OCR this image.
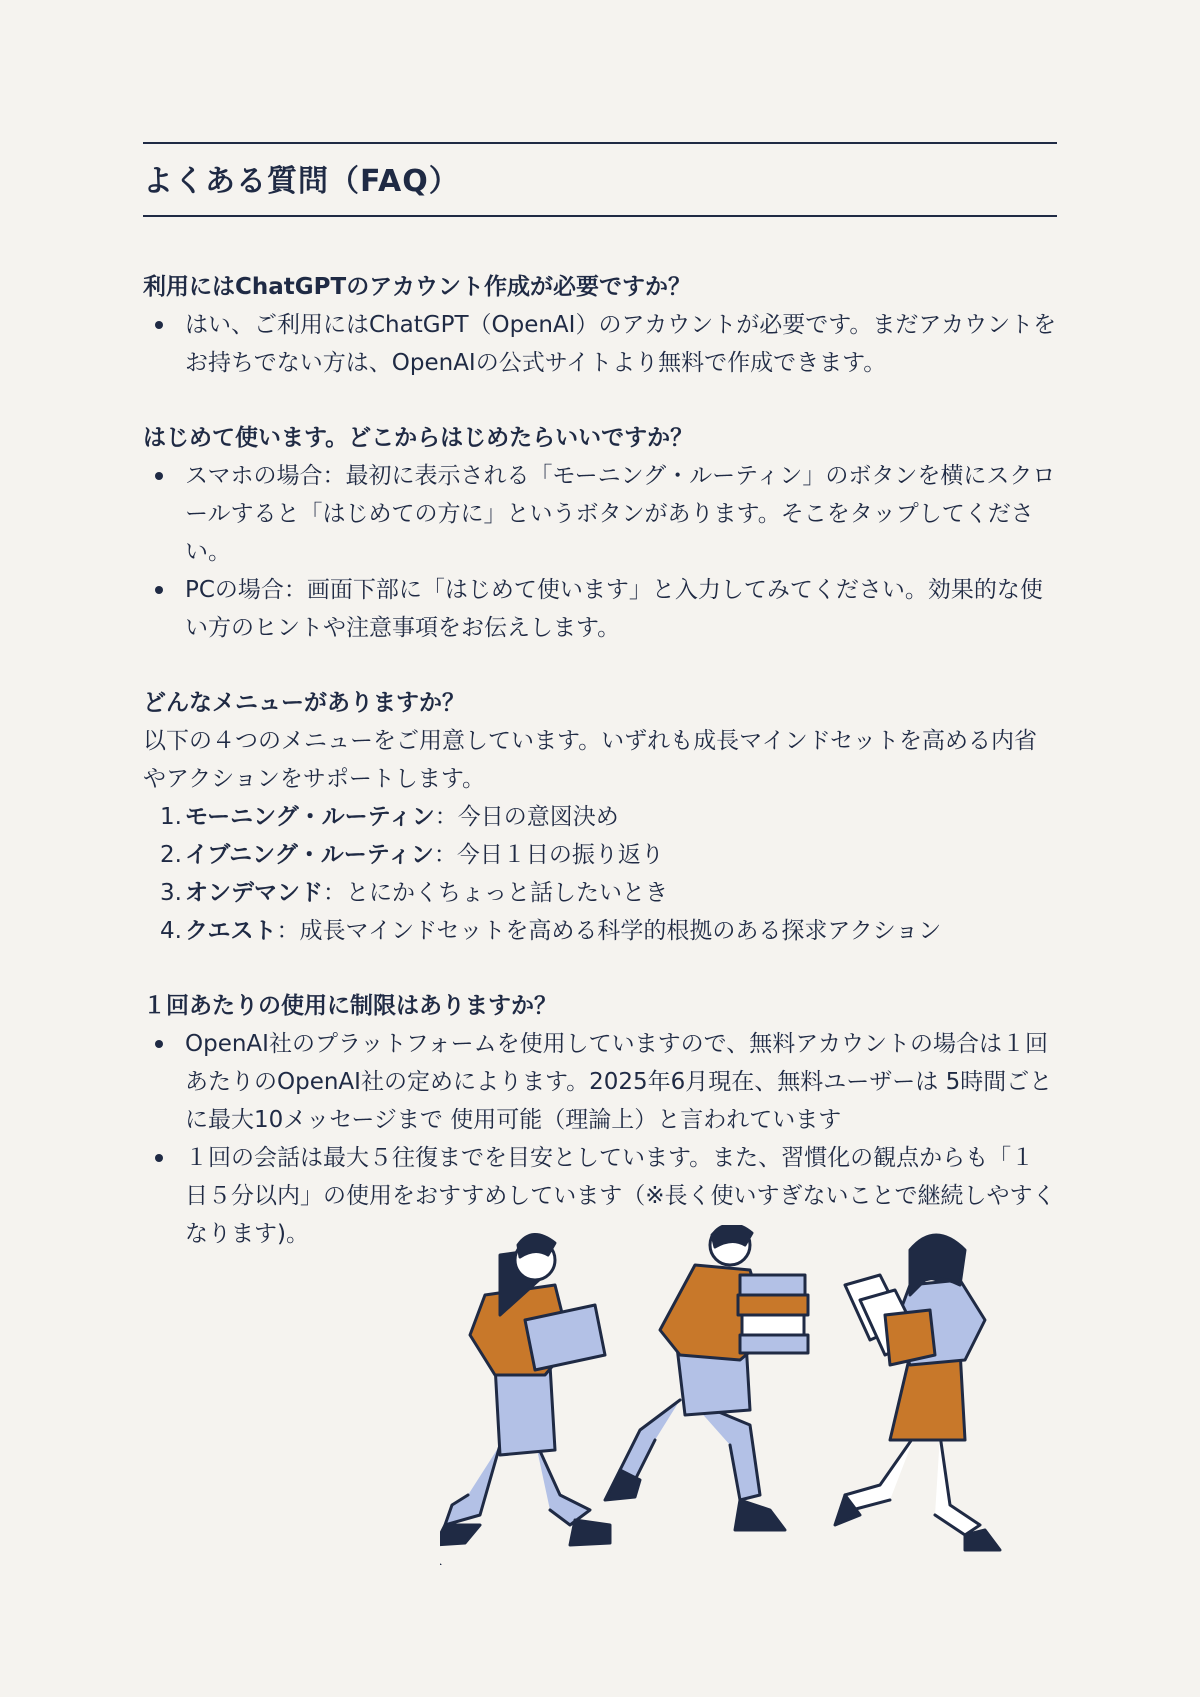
よくある質問（FAQ）

利用にはChatGPTのアカウント作成が必要ですか？

はい、ご利用にはChatGPT（OpenAI）のアカウントが必要です。まだアカウントをお持ちでない方は、OpenAIの公式サイトより無料で作成できます。

はじめて使います。どこからはじめたらいいですか？

スマホの場合：最初に表示される「モーニング・ルーティン」のボタンを横にスクロールすると「はじめての方に」というボタンがあります。そこをタップしてください。
PCの場合：画面下部に「はじめて使います」と入力してみてください。効果的な使い方のヒントや注意事項をお伝えします。

どんなメニューがありますか？

以下の４つのメニューをご用意しています。いずれも成長マインドセットを高める内省やアクションをサポートします。

1. モーニング・ルーティン：今日の意図決め
2. イブニング・ルーティン：今日１日の振り返り
3. オンデマンド：とにかくちょっと話したいとき
4. クエスト：成長マインドセットを高める科学的根拠のある探求アクション

１回あたりの使用に制限はありますか？

OpenAI社のプラットフォームを使用していますので、無料アカウントの場合は１回あたりのOpenAI社の定めによります。2025年6月現在、無料ユーザーは 5時間ごとに最大10メッセージまで 使用可能（理論上）と言われています
１回の会話は最大５往復までを目安としています。また、習慣化の観点からも「１日５分以内」の使用をおすすめしています（※長く使いすぎないことで継続しやすくなります)。
